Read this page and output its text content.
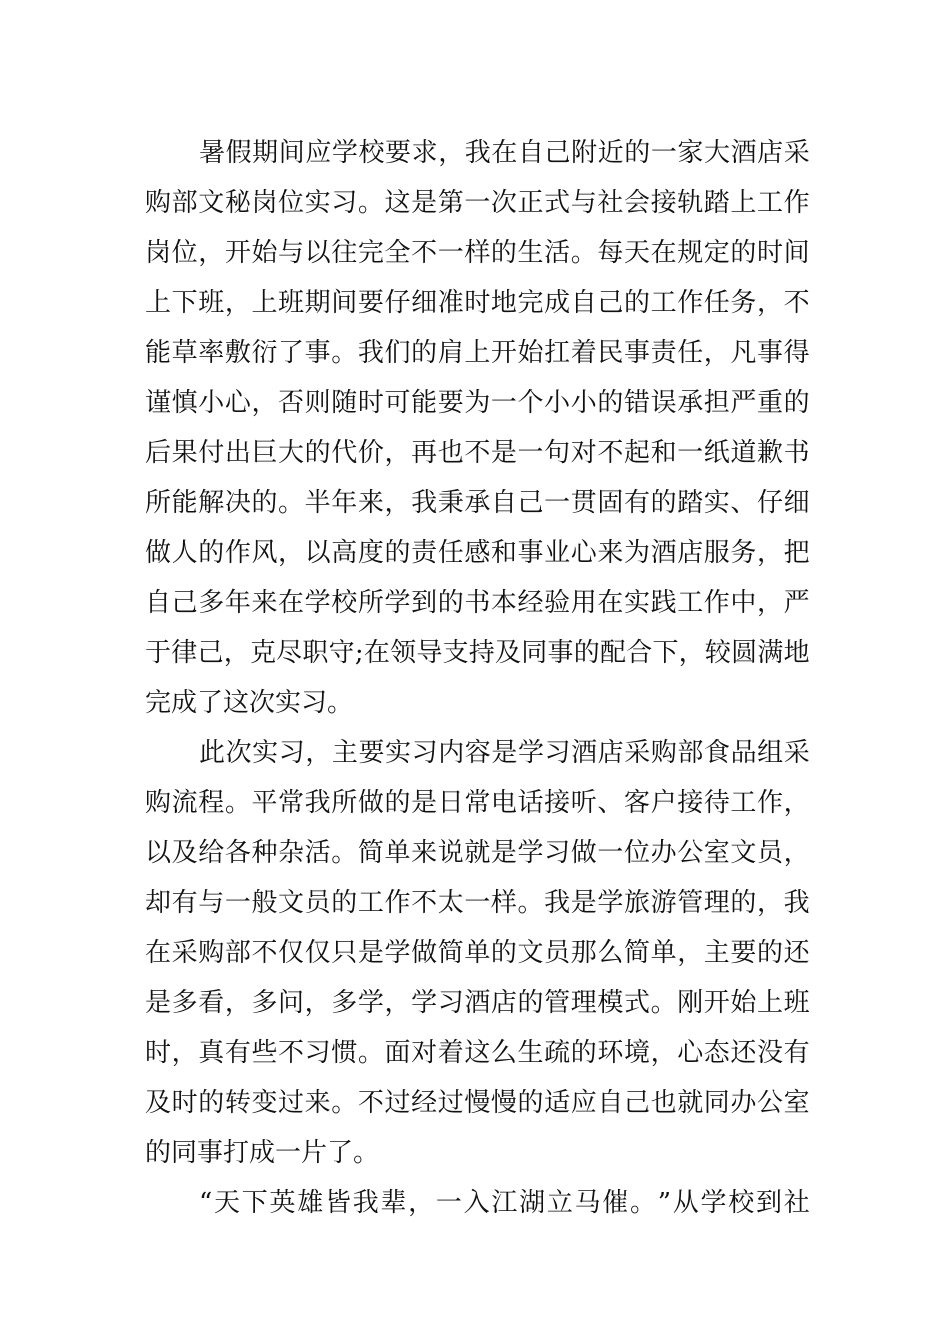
暑 假 期 间 应 学 校 要 求 ， 我 在 自 己 附 近 的 一 家 大 酒 店 采
购 部 文 秘 岗 位 实 习 。 这 是 第 一 次 正 式 与 社 会 接 轨 踏 上 工 作
岗 位 ， 开 始 与 以 往 完 全 不 一 样 的 生 活 。 每 天 在 规 定 的 时 间
上 下 班 ， 上 班 期 间 要 仔 细 准 时 地 完 成 自 己 的 工 作 任 务 ， 不
能 草 率 敷 衍 了 事 。 我 们 的 肩 上 开 始 扛 着 民 事 责 任 ， 凡 事 得
谨 慎 小 心 ， 否 则 随 时 可 能 要 为 一 个 小 小 的 错 误 承 担 严 重 的
后 果 付 出 巨 大 的 代 价 ， 再 也 不 是 一 句 对 不 起 和 一 纸 道 歉 书
所 能 解 决 的 。 半 年 来 ， 我 秉 承 自 己 一 贯 固 有 的 踏 实 、 仔 细
做 人 的 作 风 ， 以 高 度 的 责 任 感 和 事 业 心 来 为 酒 店 服 务 ， 把
自 己 多 年 来 在 学 校 所 学 到 的 书 本 经 验 用 在 实 践 工 作 中 ， 严
于 律 己 ， 克 尽 职 守 ; 在 领 导 支 持 及 同 事 的 配 合 下 ， 较 圆 满 地
完成了这次实习。
此 次 实 习 ， 主 要 实 习 内 容 是 学 习 酒 店 采 购 部 食 品 组 采
购 流 程 。 平 常 我 所 做 的 是 日 常 电 话 接 听 、 客 户 接 待 工 作 ，
以 及 给 各 种 杂 活 。 简 单 来 说 就 是 学 习 做 一 位 办 公 室 文 员 ，
却 有 与 一 般 文 员 的 工 作 不 太 一 样 。 我 是 学 旅 游 管 理 的 ， 我
在 采 购 部 不 仅 仅 只 是 学 做 简 单 的 文 员 那 么 简 单 ， 主 要 的 还
是 多 看 ， 多 问 ， 多 学 ， 学 习 酒 店 的 管 理 模 式 。 刚 开 始 上 班
时 ， 真 有 些 不 习 惯 。 面 对 着 这 么 生 疏 的 环 境 ， 心 态 还 没 有
及 时 的 转 变 过 来 。 不 过 经 过 慢 慢 的 适 应 自 己 也 就 同 办 公 室
的同事打成一片了。
“ 天 下 英 雄 皆 我 辈 ， 一 入 江 湖 立 马 催 。 ” 从 学 校 到 社
